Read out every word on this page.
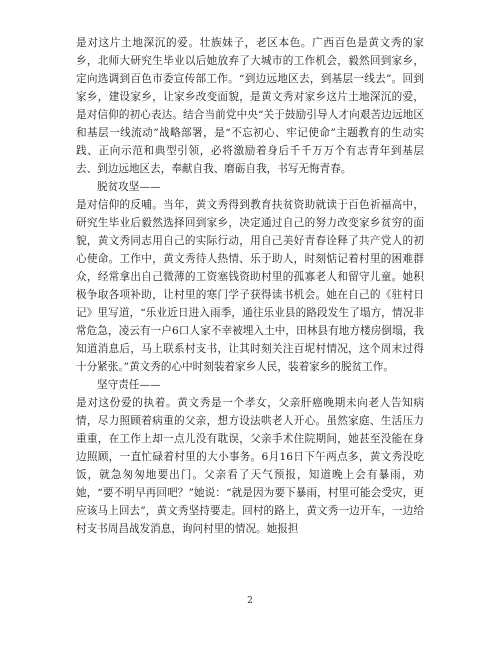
是对这片土地深沉的爱。壮族妹子，老区本色。广西百色是黄文秀的家乡，北师大研究生毕业以后她放弃了大城市的工作机会，毅然回到家乡，定向选调到百色市委宣传部工作。“到边远地区去，到基层一线去”。回到家乡，建设家乡，让家乡改变面貌，是黄文秀对家乡这片土地深沉的爱，是对信仰的初心表达。结合当前党中央“关于鼓励引导人才向艰苦边远地区和基层一线流动”战略部署，是“不忘初心、牢记使命”主题教育的生动实践、正向示范和典型引领，必将激励着身后千千万万个有志青年到基层去、到边远地区去，奉献自我、磨砺自我，书写无悔青春。

脱贫攻坚——

是对信仰的反哺。当年，黄文秀得到教育扶贫资助就读于百色祈福高中，研究生毕业后毅然选择回到家乡，决定通过自己的努力改变家乡贫穷的面貌，黄文秀同志用自己的实际行动，用自己美好青春诠释了共产党人的初心使命。工作中，黄文秀待人热情、乐于助人，时刻惦记着村里的困难群众，经常拿出自己微薄的工资塞钱资助村里的孤寡老人和留守儿童。她积极争取各项补助，让村里的寒门学子获得读书机会。她在自己的《驻村日记》里写道，“乐业近日进入雨季，通往乐业县的路段发生了塌方，情况非常危急，凌云有一户6口人家不幸被埋入土中，田林县有地方楼房倒塌，我知道消息后，马上联系村支书，让其时刻关注百坭村情况，这个周末过得十分紧张。”黄文秀的心中时刻装着家乡人民，装着家乡的脱贫工作。

坚守责任——

是对这份爱的执着。黄文秀是一个孝女，父亲肝癌晚期未向老人告知病情，尽力照顾着病重的父亲，想方设法哄老人开心。虽然家庭、生活压力重重，在工作上却一点儿没有耽误，父亲手术住院期间，她甚至没能在身边照顾，一直忙碌着村里的大小事务。6月16日下午两点多，黄文秀没吃饭，就急匆匆地要出门。父亲看了天气预报，知道晚上会有暴雨，劝她，“要不明早再回吧？”她说：“就是因为要下暴雨，村里可能会受灾，更应该马上回去”，黄文秀坚持要走。回村的路上，黄文秀一边开车，一边给村支书周昌战发消息，询问村里的情况。她报担

2
